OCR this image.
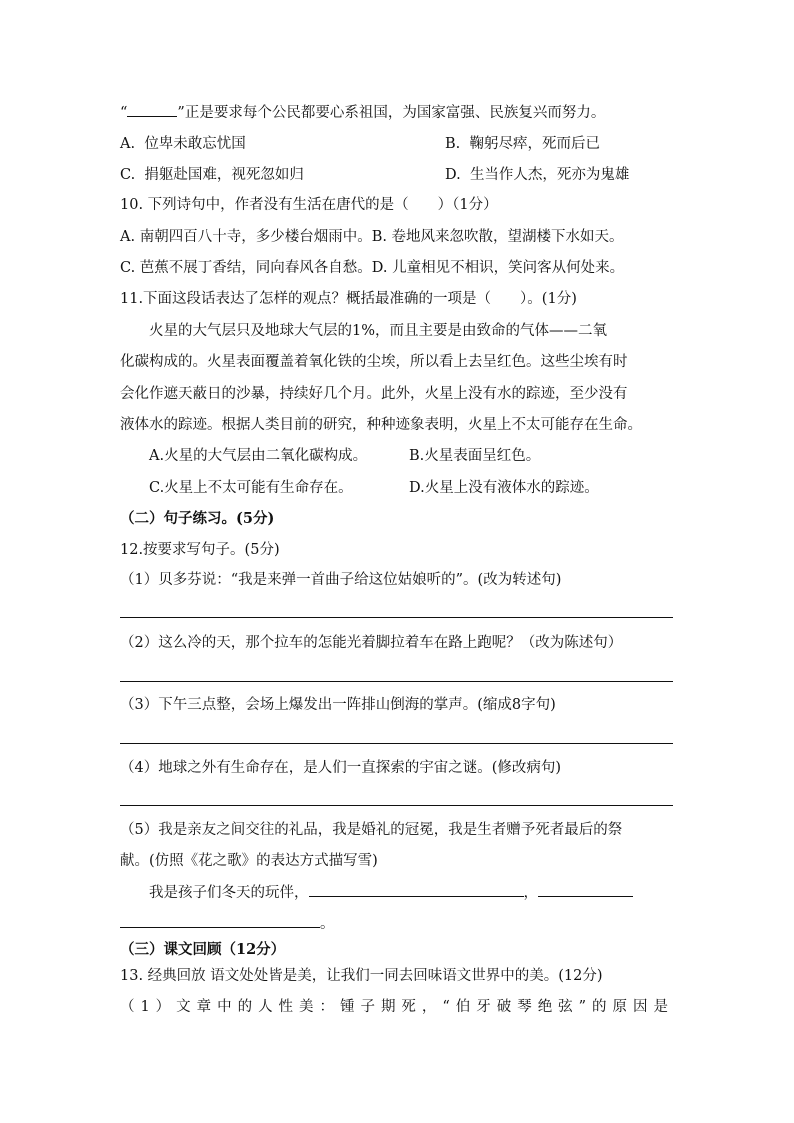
“	”正是要求每个公民都要心系祖国，为国家富强、民族复兴而努力。
A. 位卑未敢忘忧国	B. 鞠躬尽瘁，死而后已
C. 捐躯赴国难，视死忽如归	D. 生当作人杰，死亦为鬼雄
10. 下列诗句中，作者没有生活在唐代的是（　　）（1分）
A. 南朝四百八十寺，多少楼台烟雨中。B. 卷地风来忽吹散，望湖楼下水如天。
C. 芭蕉不展丁香结，同向春风各自愁。D. 儿童相见不相识，笑问客从何处来。
11.下面这段话表达了怎样的观点？概括最准确的一项是（　　）。(1分)
火星的大气层只及地球大气层的1%，而且主要是由致命的气体——二氧
化碳构成的。火星表面覆盖着氧化铁的尘埃，所以看上去呈红色。这些尘埃有时
会化作遮天蔽日的沙暴，持续好几个月。此外，火星上没有水的踪迹，至少没有
液体水的踪迹。根据人类目前的研究，种种迹象表明，火星上不太可能存在生命。
A.火星的大气层由二氧化碳构成。	B.火星表面呈红色。
C.火星上不太可能有生命存在。	D.火星上没有液体水的踪迹。
（二）句子练习。(5分)
12.按要求写句子。(5分)
（1）贝多芬说：“我是来弹一首曲子给这位姑娘听的”。(改为转述句)
（2）这么冷的天，那个拉车的怎能光着脚拉着车在路上跑呢？（改为陈述句）
（3）下午三点整，会场上爆发出一阵排山倒海的掌声。(缩成8字句)
（4）地球之外有生命存在，是人们一直探索的宇宙之谜。(修改病句)
（5）我是亲友之间交往的礼品，我是婚礼的冠冕，我是生者赠予死者最后的祭
献。(仿照《花之歌》的表达方式描写雪)
我是孩子们冬天的玩伴，	，
。
（三）课文回顾（12分）
13. 经典回放 语文处处皆是美，让我们一同去回味语文世界中的美。(12分)
（1）文章中的人性美：锺子期死，“伯牙破琴绝弦”的原因是
